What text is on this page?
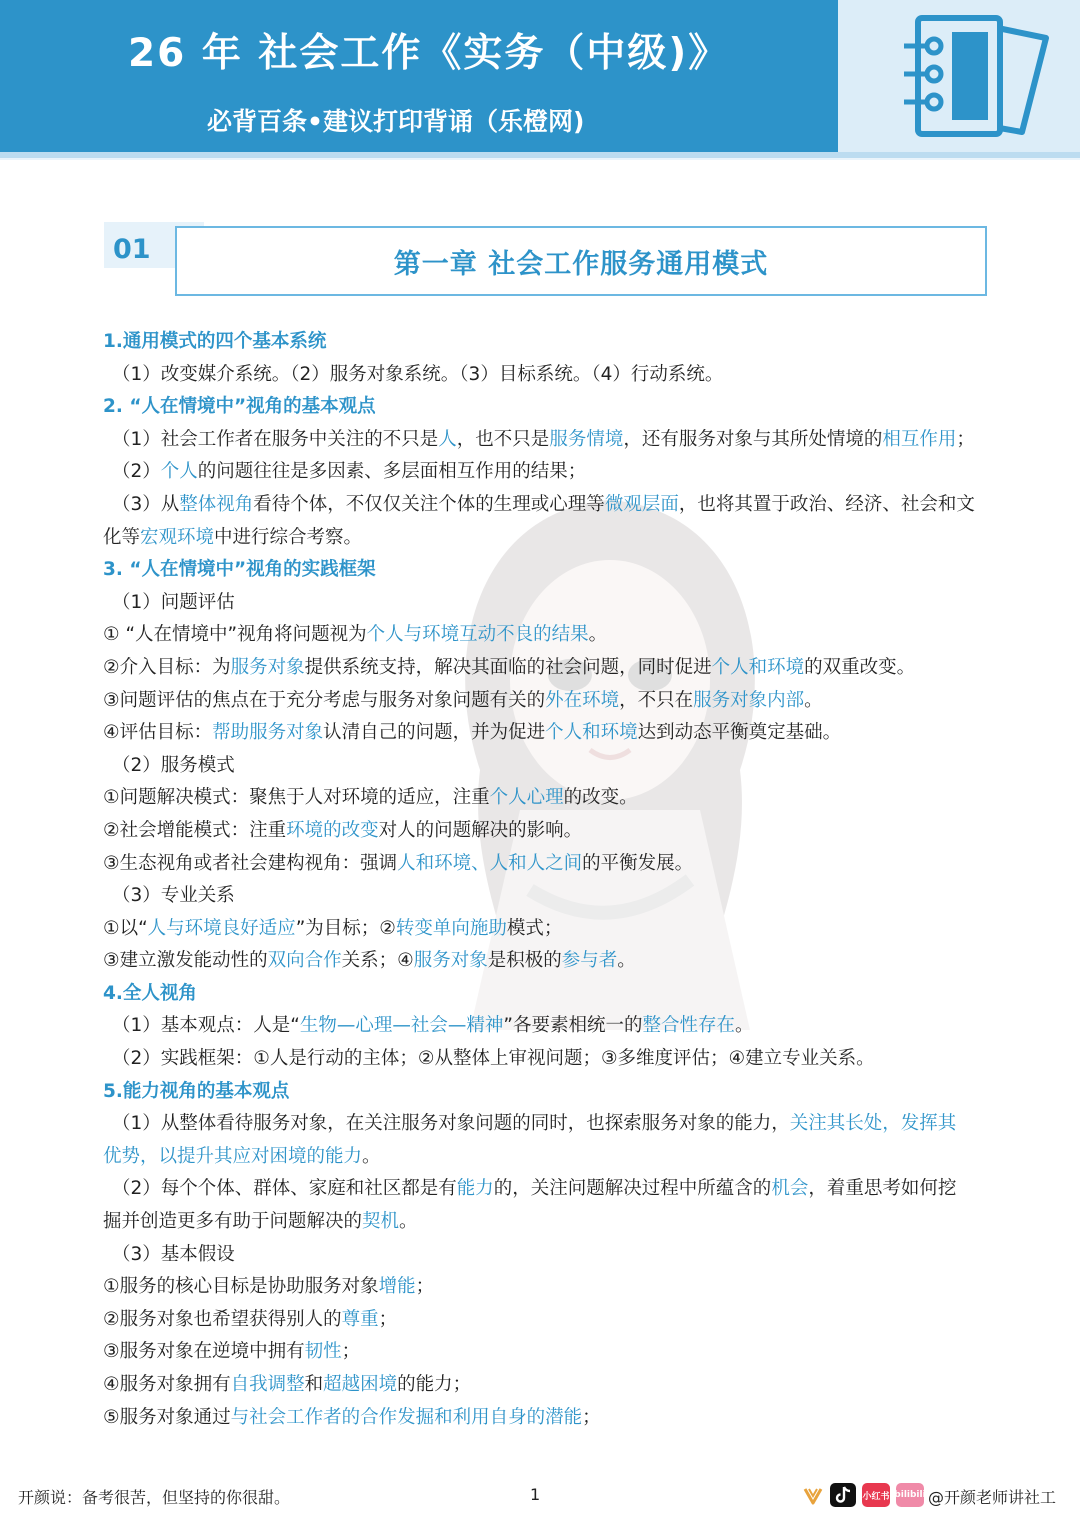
26 年 社会工作《实务（中级)》
必背百条•建议打印背诵（乐橙网)
01	第一章 社会工作服务通用模式
1.通用模式的四个基本系统
（1）改变媒介系统。（2）服务对象系统。（3）目标系统。（4）行动系统。
2. “人在情境中”视角的基本观点
（1）社会工作者在服务中关注的不只是人，也不只是服务情境，还有服务对象与其所处情境的相互作用；
（2）个人的问题往往是多因素、多层面相互作用的结果；
（3）从整体视角看待个体，不仅仅关注个体的生理或心理等微观层面，也将其置于政治、经济、社会和文
化等宏观环境中进行综合考察。
3. “人在情境中”视角的实践框架
（1）问题评估
① “人在情境中”视角将问题视为个人与环境互动不良的结果。
②介入目标：为服务对象提供系统支持，解决其面临的社会问题，同时促进个人和环境的双重改变。
③问题评估的焦点在于充分考虑与服务对象问题有关的外在环境，不只在服务对象内部。
④评估目标：帮助服务对象认清自己的问题，并为促进个人和环境达到动态平衡奠定基础。
（2）服务模式
①问题解决模式：聚焦于人对环境的适应，注重个人心理的改变。
②社会增能模式：注重环境的改变对人的问题解决的影响。
③生态视角或者社会建构视角：强调人和环境、人和人之间的平衡发展。
（3）专业关系
①以“人与环境良好适应”为目标；②转变单向施助模式；
③建立激发能动性的双向合作关系；④服务对象是积极的参与者。
4.全人视角
（1）基本观点：人是“生物—心理—社会—精神”各要素相统一的整合性存在。
（2）实践框架：①人是行动的主体；②从整体上审视问题；③多维度评估；④建立专业关系。
5.能力视角的基本观点
（1）从整体看待服务对象，在关注服务对象问题的同时，也探索服务对象的能力，关注其长处，发挥其
优势，以提升其应对困境的能力。
（2）每个个体、群体、家庭和社区都是有能力的，关注问题解决过程中所蕴含的机会，着重思考如何挖
掘并创造更多有助于问题解决的契机。
（3）基本假设
①服务的核心目标是协助服务对象增能；
②服务对象也希望获得别人的尊重；
③服务对象在逆境中拥有韧性；
④服务对象拥有自我调整和超越困境的能力；
⑤服务对象通过与社会工作者的合作发掘和利用自身的潜能；
开颜说：备考很苦，但坚持的你很甜。	1	小红书 bilibili @开颜老师讲社工
